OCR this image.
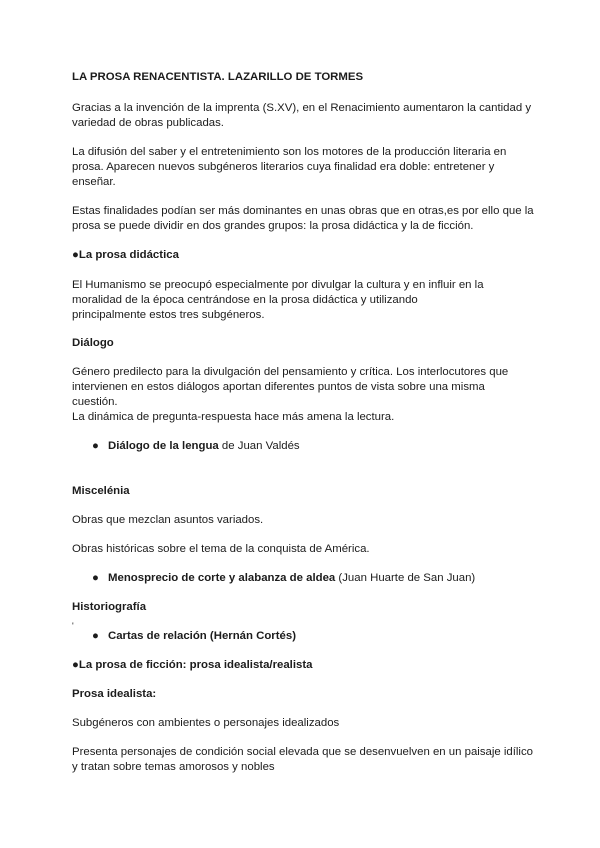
LA PROSA RENACENTISTA. LAZARILLO DE TORMES
Gracias a la invención de la imprenta (S.XV), en el Renacimiento aumentaron la cantidad y
variedad de obras publicadas.
La difusión del saber y el entretenimiento son los motores de la producción literaria en
prosa. Aparecen nuevos subgéneros literarios cuya finalidad era doble: entretener y
enseñar.
Estas finalidades podían ser más dominantes en unas obras que en otras,es por ello que la
prosa se puede dividir en dos grandes grupos: la prosa didáctica y la de ficción.
●La prosa didáctica
El Humanismo se preocupó especialmente por divulgar la cultura y en influir en la
moralidad de la época centrándose en la prosa didáctica y utilizando
principalmente estos tres subgéneros.
Diálogo
Género predilecto para la divulgación del pensamiento y crítica. Los interlocutores que
intervienen en estos diálogos aportan diferentes puntos de vista sobre una misma
cuestión.
La dinámica de pregunta-respuesta hace más amena la lectura.
● Diálogo de la lengua de Juan Valdés
Miscelénia
Obras que mezclan asuntos variados.
Obras históricas sobre el tema de la conquista de América.
● Menosprecio de corte y alabanza de aldea (Juan Huarte de San Juan)
Historiografía
'
● Cartas de relación (Hernán Cortés)
●La prosa de ficción: prosa idealista/realista
Prosa idealista:
Subgéneros con ambientes o personajes idealizados
Presenta personajes de condición social elevada que se desenvuelven en un paisaje idílico
y tratan sobre temas amorosos y nobles
